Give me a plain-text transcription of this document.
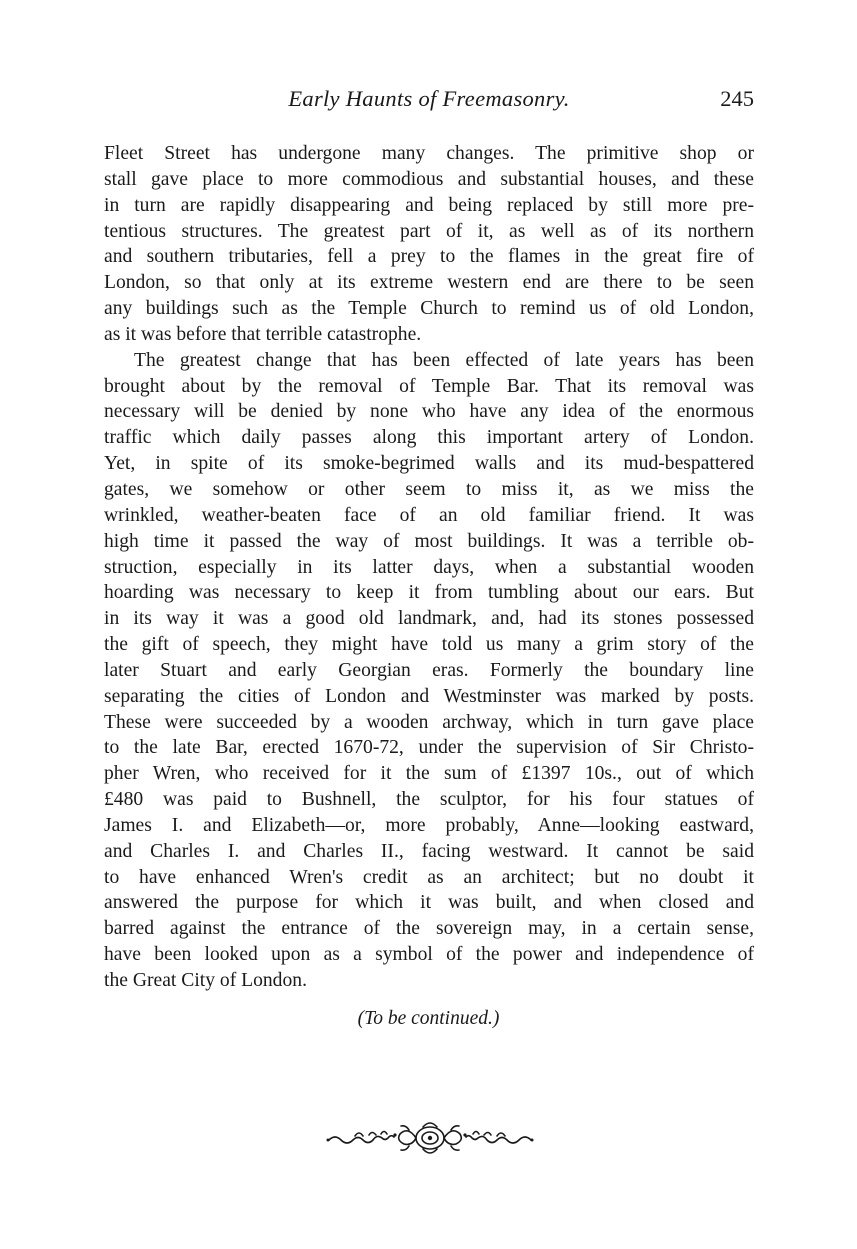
Early Haunts of Freemasonry.	245

Fleet Street has undergone many changes. The primitive shop or
stall gave place to more commodious and substantial houses, and these
in turn are rapidly disappearing and being replaced by still more pre-
tentious structures. The greatest part of it, as well as of its northern
and southern tributaries, fell a prey to the flames in the great fire of
London, so that only at its extreme western end are there to be seen
any buildings such as the Temple Church to remind us of old London,
as it was before that terrible catastrophe.

The greatest change that has been effected of late years has been
brought about by the removal of Temple Bar. That its removal was
necessary will be denied by none who have any idea of the enormous
traffic which daily passes along this important artery of London.
Yet, in spite of its smoke-begrimed walls and its mud-bespattered
gates, we somehow or other seem to miss it, as we miss the
wrinkled, weather-beaten face of an old familiar friend. It was
high time it passed the way of most buildings. It was a terrible ob-
struction, especially in its latter days, when a substantial wooden
hoarding was necessary to keep it from tumbling about our ears. But
in its way it was a good old landmark, and, had its stones possessed
the gift of speech, they might have told us many a grim story of the
later Stuart and early Georgian eras. Formerly the boundary line
separating the cities of London and Westminster was marked by posts.
These were succeeded by a wooden archway, which in turn gave place
to the late Bar, erected 1670-72, under the supervision of Sir Christo-
pher Wren, who received for it the sum of £1397 10s., out of which
£480 was paid to Bushnell, the sculptor, for his four statues of
James I. and Elizabeth—or, more probably, Anne—looking eastward,
and Charles I. and Charles II., facing westward. It cannot be said
to have enhanced Wren's credit as an architect; but no doubt it
answered the purpose for which it was built, and when closed and
barred against the entrance of the sovereign may, in a certain sense,
have been looked upon as a symbol of the power and independence of
the Great City of London.

(To be continued.)
